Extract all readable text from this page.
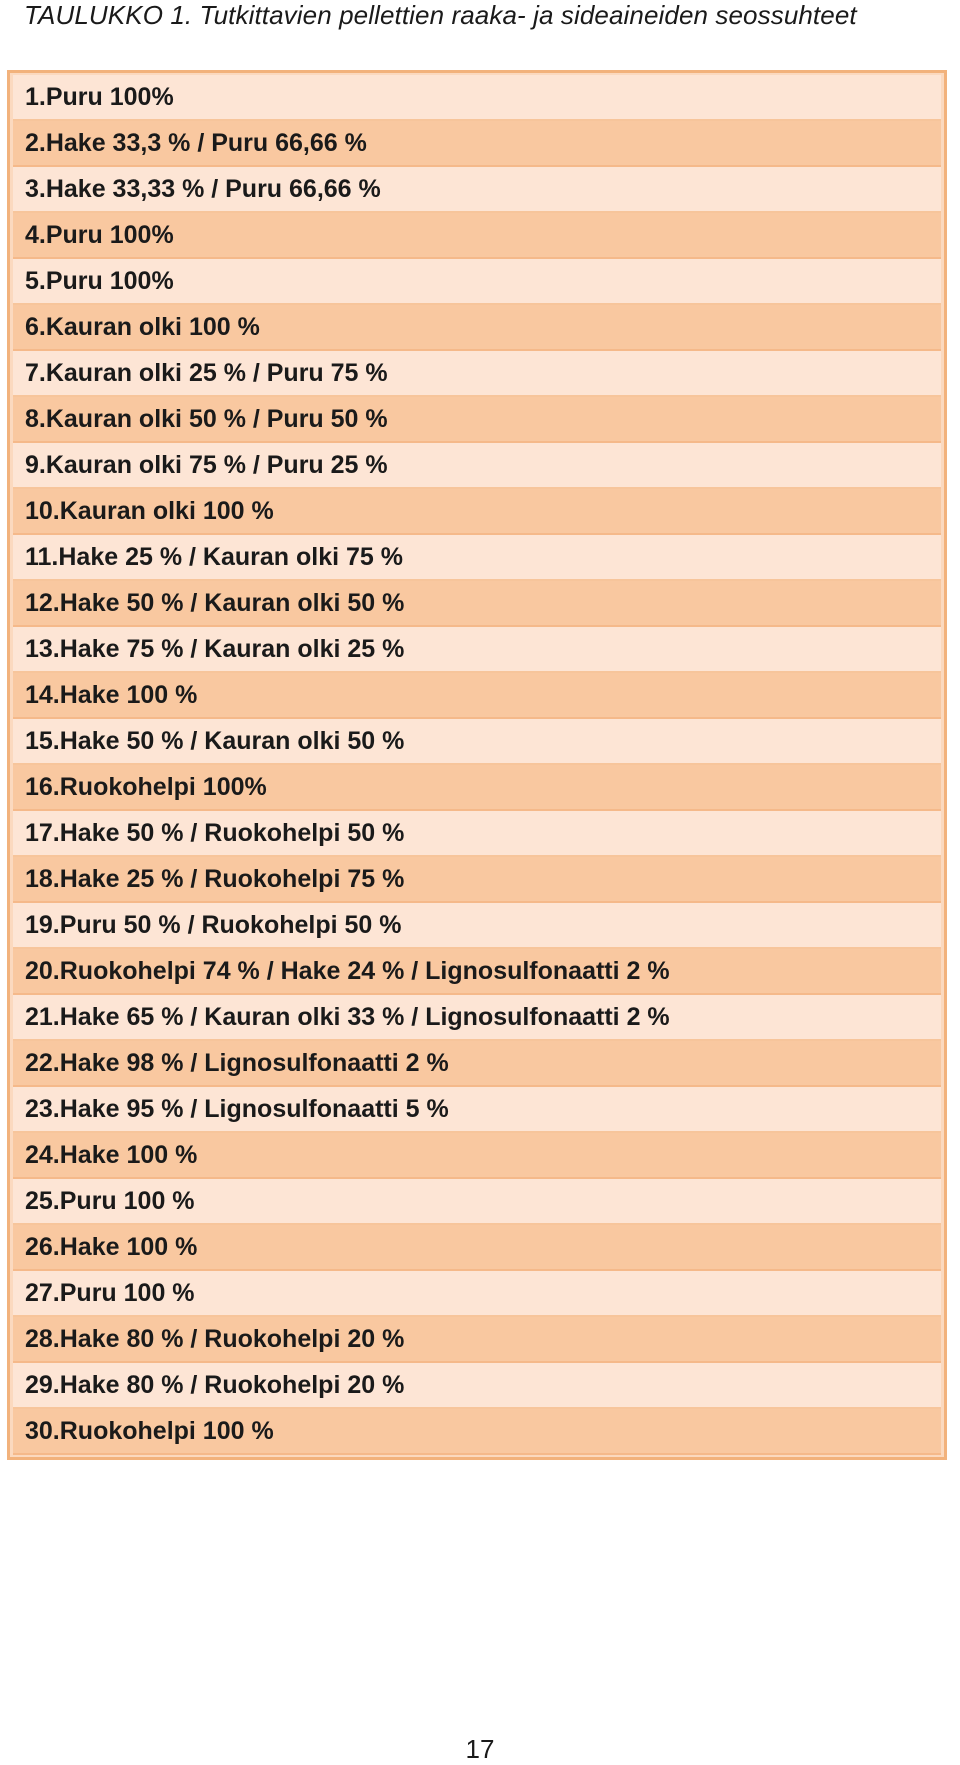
TAULUKKO 1. Tutkittavien pellettien raaka- ja sideaineiden seossuhteet
1.Puru 100%
2.Hake 33,3 % / Puru 66,66 %
3.Hake 33,33 % / Puru 66,66 %
4.Puru 100%
5.Puru 100%
6.Kauran olki 100 %
7.Kauran olki 25 % / Puru 75 %
8.Kauran olki 50 % / Puru 50 %
9.Kauran olki 75 % / Puru 25 %
10.Kauran olki 100 %
11.Hake 25 % / Kauran olki 75 %
12.Hake 50 % / Kauran olki 50 %
13.Hake 75 % / Kauran olki 25 %
14.Hake 100 %
15.Hake 50 % / Kauran olki 50 %
16.Ruokohelpi 100%
17.Hake 50 % / Ruokohelpi 50 %
18.Hake 25 % / Ruokohelpi 75 %
19.Puru 50 % / Ruokohelpi 50 %
20.Ruokohelpi 74 % / Hake 24 % / Lignosulfonaatti 2 %
21.Hake 65 % / Kauran olki 33 % / Lignosulfonaatti 2 %
22.Hake 98 % / Lignosulfonaatti 2 %
23.Hake 95 % / Lignosulfonaatti 5 %
24.Hake 100 %
25.Puru 100 %
26.Hake 100 %
27.Puru 100 %
28.Hake 80 % / Ruokohelpi 20 %
29.Hake 80 % / Ruokohelpi 20 %
30.Ruokohelpi 100 %
17
